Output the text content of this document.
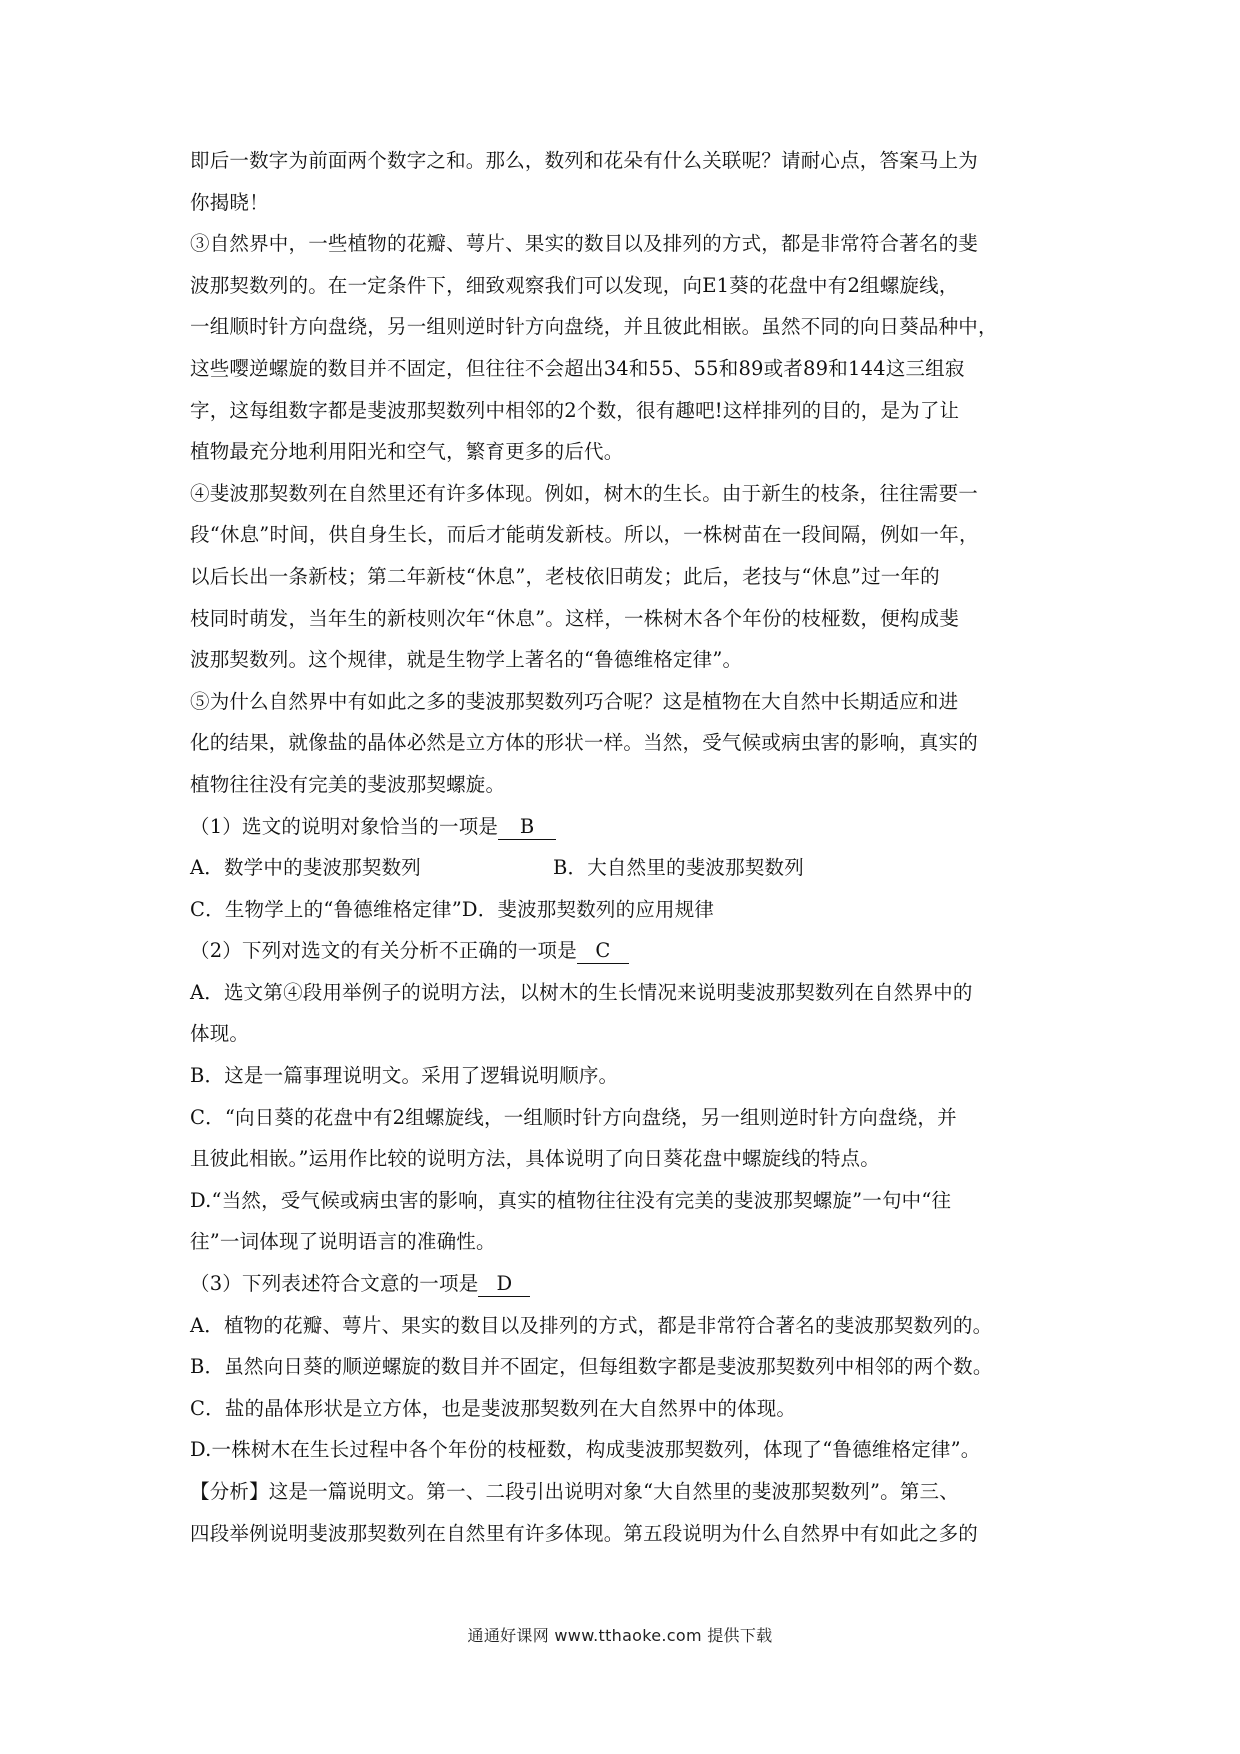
即后一数字为前面两个数字之和。那么，数列和花朵有什么关联呢？请耐心点，答案马上为
你揭晓！
③自然界中，一些植物的花瓣、萼片、果实的数目以及排列的方式，都是非常符合著名的斐
波那契数列的。在一定条件下，细致观察我们可以发现，向E1葵的花盘中有2组螺旋线，
一组顺时针方向盘绕，另一组则逆时针方向盘绕，并且彼此相嵌。虽然不同的向日葵品种中，
这些嘤逆螺旋的数目并不固定，但往往不会超出34和55、55和89或者89和144这三组寂
字，这每组数字都是斐波那契数列中相邻的2个数，很有趣吧!这样排列的目的，是为了让
植物最充分地利用阳光和空气，繁育更多的后代。
④斐波那契数列在自然里还有许多体现。例如，树木的生长。由于新生的枝条，往往需要一
段“休息”时间，供自身生长，而后才能萌发新枝。所以，一株树苗在一段间隔，例如一年，
以后长出一条新枝；第二年新枝“休息”，老枝依旧萌发；此后，老技与“休息”过一年的
枝同时萌发，当年生的新枝则次年“休息”。这样，一株树木各个年份的枝桠数，便构成斐
波那契数列。这个规律，就是生物学上著名的“鲁德维格定律”。
⑤为什么自然界中有如此之多的斐波那契数列巧合呢？这是植物在大自然中长期适应和进
化的结果，就像盐的晶体必然是立方体的形状一样。当然，受气候或病虫害的影响，真实的
植物往往没有完美的斐波那契螺旋。
（1）选文的说明对象恰当的一项是 B
A．数学中的斐波那契数列	B．大自然里的斐波那契数列
C．生物学上的“鲁德维格定律”D．斐波那契数列的应用规律
（2）下列对选文的有关分析不正确的一项是 C
A．选文第④段用举例子的说明方法，以树木的生长情况来说明斐波那契数列在自然界中的
体现。
B．这是一篇事理说明文。采用了逻辑说明顺序。
C．“向日葵的花盘中有2组螺旋线，一组顺时针方向盘绕，另一组则逆时针方向盘绕，并
且彼此相嵌。”运用作比较的说明方法，具体说明了向日葵花盘中螺旋线的特点。
D.“当然，受气候或病虫害的影响，真实的植物往往没有完美的斐波那契螺旋”一句中“往
往”一词体现了说明语言的准确性。
（3）下列表述符合文意的一项是 D
A．植物的花瓣、萼片、果实的数目以及排列的方式，都是非常符合著名的斐波那契数列的。
B．虽然向日葵的顺逆螺旋的数目并不固定，但每组数字都是斐波那契数列中相邻的两个数。
C．盐的晶体形状是立方体，也是斐波那契数列在大自然界中的体现。
D.一株树木在生长过程中各个年份的枝桠数，构成斐波那契数列，体现了“鲁德维格定律”。
【分析】这是一篇说明文。第一、二段引出说明对象“大自然里的斐波那契数列”。第三、
四段举例说明斐波那契数列在自然里有许多体现。第五段说明为什么自然界中有如此之多的
通通好课网 www.tthaoke.com 提供下载
